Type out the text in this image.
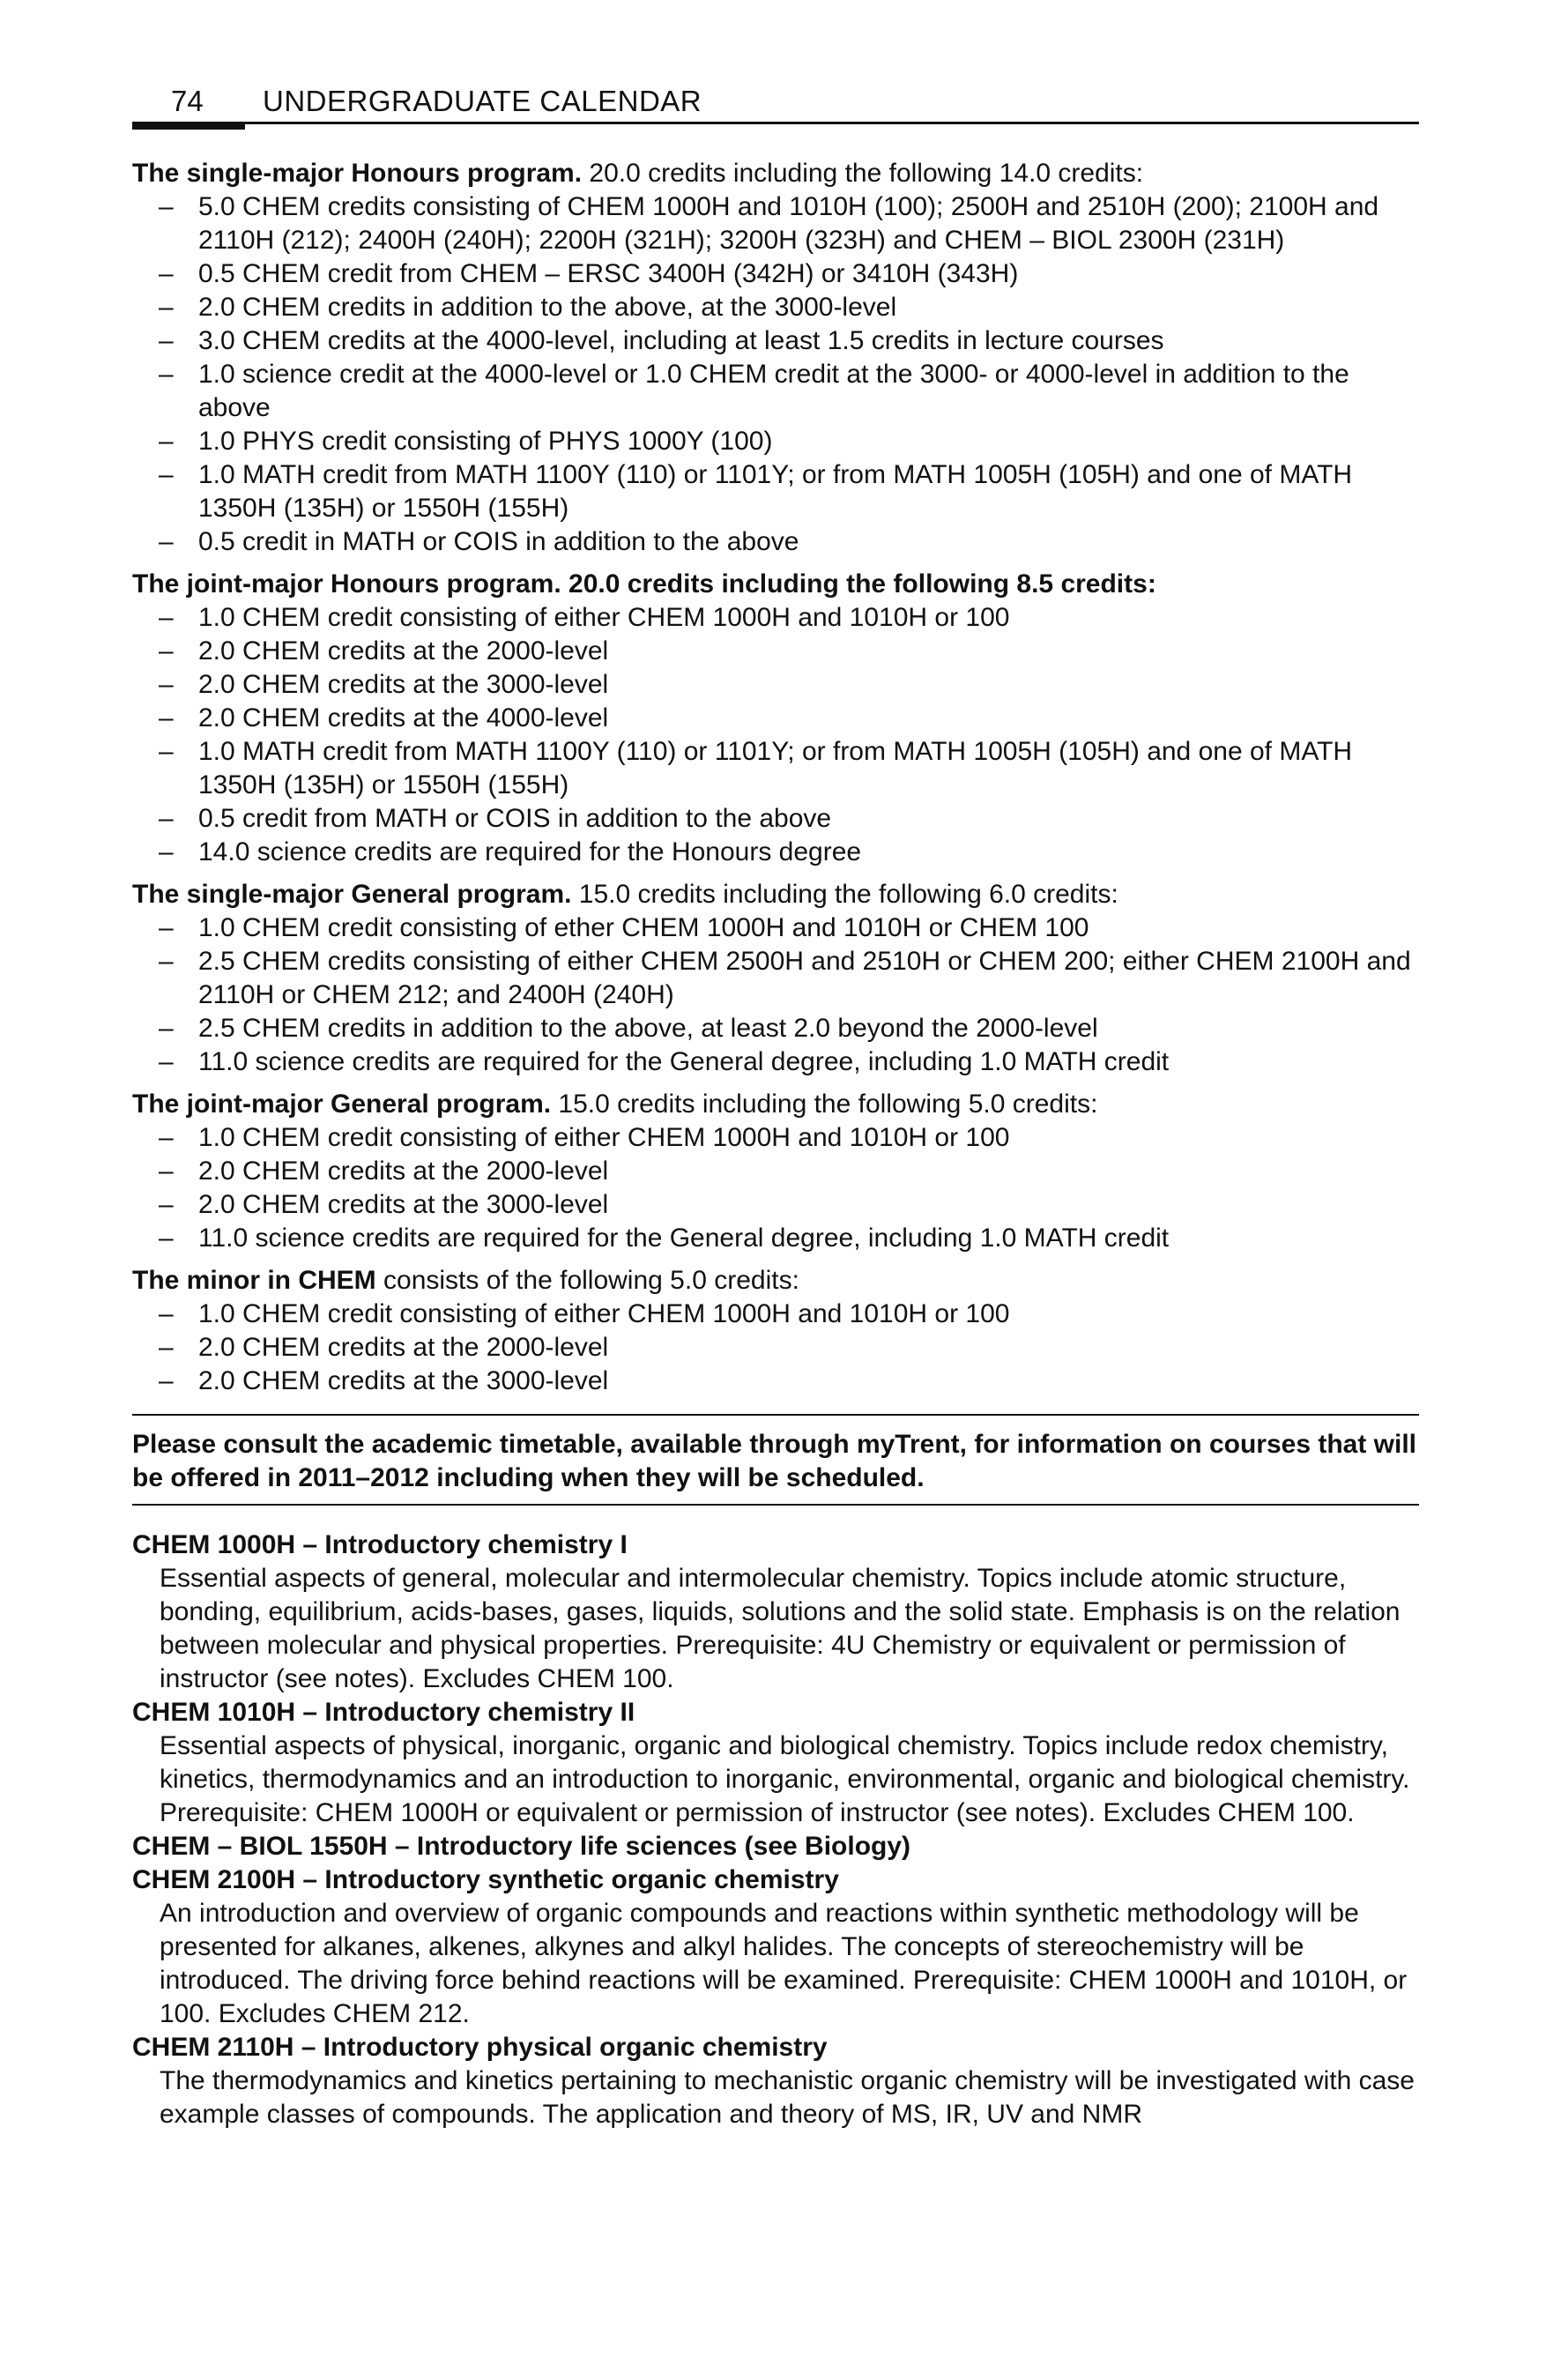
74 UNDERGRADUATE CALENDAR

The single-major Honours program. 20.0 credits including the following 14.0 credits:

– 5.0 CHEM credits consisting of CHEM 1000H and 1010H (100); 2500H and 2510H (200); 2100H and 2110H (212); 2400H (240H); 2200H (321H); 3200H (323H) and CHEM – BIOL 2300H (231H)
– 0.5 CHEM credit from CHEM – ERSC 3400H (342H) or 3410H (343H)
– 2.0 CHEM credits in addition to the above, at the 3000-level
– 3.0 CHEM credits at the 4000-level, including at least 1.5 credits in lecture courses
– 1.0 science credit at the 4000-level or 1.0 CHEM credit at the 3000- or 4000-level in addition to the above
– 1.0 PHYS credit consisting of PHYS 1000Y (100)
– 1.0 MATH credit from MATH 1100Y (110) or 1101Y; or from MATH 1005H (105H) and one of MATH 1350H (135H) or 1550H (155H)
– 0.5 credit in MATH or COIS in addition to the above

The joint-major Honours program. 20.0 credits including the following 8.5 credits:

– 1.0 CHEM credit consisting of either CHEM 1000H and 1010H or 100
– 2.0 CHEM credits at the 2000-level
– 2.0 CHEM credits at the 3000-level
– 2.0 CHEM credits at the 4000-level
– 1.0 MATH credit from MATH 1100Y (110) or 1101Y; or from MATH 1005H (105H) and one of MATH 1350H (135H) or 1550H (155H)
– 0.5 credit from MATH or COIS in addition to the above
– 14.0 science credits are required for the Honours degree

The single-major General program. 15.0 credits including the following 6.0 credits:

– 1.0 CHEM credit consisting of ether CHEM 1000H and 1010H or CHEM 100
– 2.5 CHEM credits consisting of either CHEM 2500H and 2510H or CHEM 200; either CHEM 2100H and 2110H or CHEM 212; and 2400H (240H)
– 2.5 CHEM credits in addition to the above, at least 2.0 beyond the 2000-level
– 11.0 science credits are required for the General degree, including 1.0 MATH credit

The joint-major General program. 15.0 credits including the following 5.0 credits:

– 1.0 CHEM credit consisting of either CHEM 1000H and 1010H or 100
– 2.0 CHEM credits at the 2000-level
– 2.0 CHEM credits at the 3000-level
– 11.0 science credits are required for the General degree, including 1.0 MATH credit

The minor in CHEM consists of the following 5.0 credits:

– 1.0 CHEM credit consisting of either CHEM 1000H and 1010H or 100
– 2.0 CHEM credits at the 2000-level
– 2.0 CHEM credits at the 3000-level
Please consult the academic timetable, available through myTrent, for information on courses that will be offered in 2011–2012 including when they will be scheduled.
CHEM 1000H – Introductory chemistry I

Essential aspects of general, molecular and intermolecular chemistry. Topics include atomic structure, bonding, equilibrium, acids-bases, gases, liquids, solutions and the solid state. Emphasis is on the relation between molecular and physical properties. Prerequisite: 4U Chemistry or equivalent or permission of instructor (see notes). Excludes CHEM 100.

CHEM 1010H – Introductory chemistry II

Essential aspects of physical, inorganic, organic and biological chemistry. Topics include redox chemistry, kinetics, thermodynamics and an introduction to inorganic, environmental, organic and biological chemistry. Prerequisite: CHEM 1000H or equivalent or permission of instructor (see notes). Excludes CHEM 100.

CHEM – BIOL 1550H – Introductory life sciences (see Biology)
CHEM 2100H – Introductory synthetic organic chemistry

An introduction and overview of organic compounds and reactions within synthetic methodology will be presented for alkanes, alkenes, alkynes and alkyl halides. The concepts of stereochemistry will be introduced. The driving force behind reactions will be examined. Prerequisite: CHEM 1000H and 1010H, or 100. Excludes CHEM 212.

CHEM 2110H – Introductory physical organic chemistry

The thermodynamics and kinetics pertaining to mechanistic organic chemistry will be investigated with case example classes of compounds. The application and theory of MS, IR, UV and NMR
